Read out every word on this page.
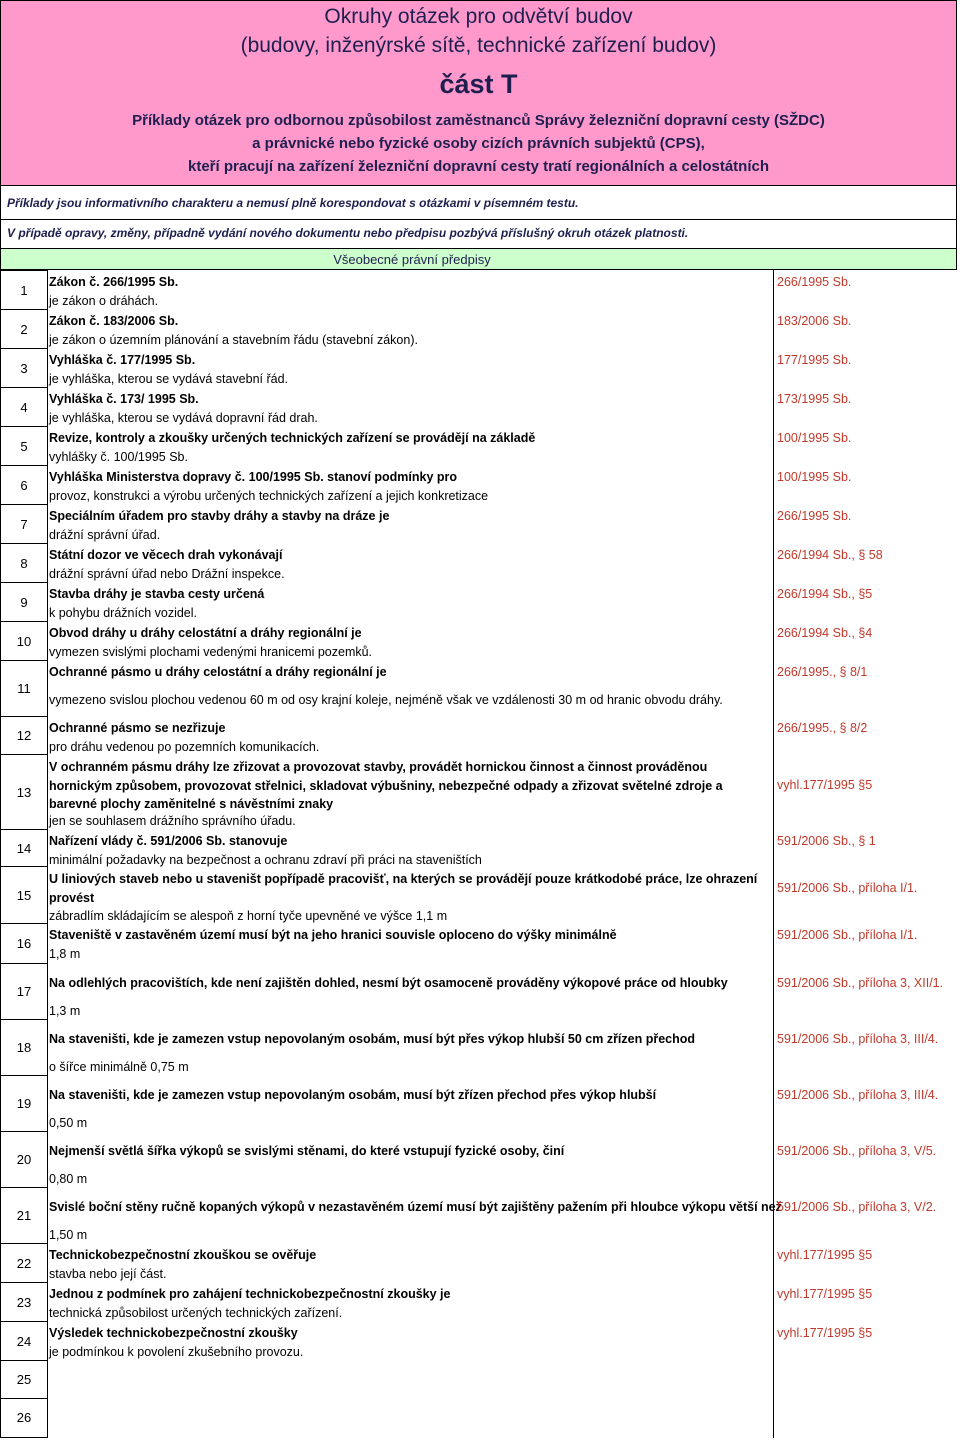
Okruhy otázek pro odvětví budov
(budovy, inženýrské sítě, technické zařízení budov)
část T
Příklady otázek pro odbornou způsobilost zaměstnanců Správy železniční dopravní cesty (SŽDC)
a právnické nebo fyzické osoby cizích právních subjektů (CPS),
kteří pracují na zařízení železniční dopravní cesty tratí regionálních a celostátních
Příklady jsou informativního charakteru a nemusí plně korespondovat s otázkami v písemném testu.
V případě opravy, změny, případně vydání nového dokumentu nebo předpisu pozbývá příslušný okruh otázek platnosti.
Všeobecné právní předpisy
1
Zákon č. 266/1995 Sb.
je zákon o dráhách.
266/1995 Sb.
2
Zákon č. 183/2006 Sb.
je zákon o územním plánování a stavebním řádu (stavební zákon).
183/2006 Sb.
3
Vyhláška č. 177/1995 Sb.
je vyhláška, kterou se vydává stavební řád.
177/1995 Sb.
4
Vyhláška č. 173/ 1995 Sb.
je vyhláška, kterou se vydává dopravní řád drah.
173/1995 Sb.
5
Revize, kontroly a zkoušky určených technických zařízení se provádějí na základě
vyhlášky č. 100/1995 Sb.
100/1995 Sb.
6
Vyhláška Ministerstva dopravy č. 100/1995 Sb. stanoví podmínky pro
provoz, konstrukci a výrobu určených technických zařízení a jejich konkretizace
100/1995 Sb.
7
Speciálním úřadem pro stavby dráhy a stavby na dráze je
drážní správní úřad.
266/1995 Sb.
8
Státní dozor ve věcech drah vykonávají
drážní správní úřad nebo Drážní inspekce.
266/1994 Sb., § 58
9
Stavba dráhy je stavba cesty určená
k pohybu drážních vozidel.
266/1994 Sb., §5
10
Obvod dráhy u dráhy celostátní a dráhy regionální je
vymezen svislými plochami vedenými hranicemi pozemků.
266/1994 Sb., §4
11
Ochranné pásmo u dráhy celostátní a dráhy regionální je
vymezeno svislou plochou vedenou 60 m od osy krajní koleje, nejméně však ve vzdálenosti 30 m od hranic obvodu dráhy.
266/1995., § 8/1
12	Ochranné pásmo se nezřizuje
pro dráhu vedenou po pozemních komunikacích.
266/1995., § 8/2
13
V ochranném pásmu dráhy lze zřizovat a provozovat stavby, provádět hornickou činnost a činnost prováděnou hornickým způsobem, provozovat střelnici, skladovat výbušniny, nebezpečné odpady a zřizovat světelné zdroje a barevné plochy zaměnitelné s návěstními znaky
jen se souhlasem drážního správního úřadu.
vyhl.177/1995 §5
14	Nařízení vlády č. 591/2006 Sb. stanovuje
minimální požadavky na bezpečnost a ochranu zdraví při práci na staveništích
591/2006 Sb., § 1
15
U liniových staveb nebo u staveništ popřípadě pracovišť, na kterých se provádějí pouze krátkodobé práce, lze ohrazení provést
zábradlím skládajícím se alespoň z horní tyče upevněné ve výšce 1,1 m
591/2006 Sb., příloha I/1.
16
Staveniště v zastavěném území musí být na jeho hranici souvisle oploceno do výšky minimálně
1,8 m
591/2006 Sb., příloha I/1.
17
Na odlehlých pracovištích, kde není zajištěn dohled, nesmí být osamoceně prováděny výkopové práce od hloubky
1,3 m
591/2006 Sb., příloha 3, XII/1.
18
Na staveništi, kde je zamezen vstup nepovolaným osobám, musí být přes výkop hlubší 50 cm zřízen přechod
o šířce minimálně 0,75 m
591/2006 Sb., příloha 3, III/4.
19
Na staveništi, kde je zamezen vstup nepovolaným osobám, musí být zřízen přechod přes výkop hlubší
0,50 m
591/2006 Sb., příloha 3, III/4.
20
Nejmenší světlá šířka výkopů se svislými stěnami, do které vstupují fyzické osoby, činí
0,80 m
591/2006 Sb., příloha 3, V/5.
21
Svislé boční stěny ručně kopaných výkopů v nezastavěném území musí být zajištěny pažením při hloubce výkopu větší než
1,50 m
591/2006 Sb., příloha 3, V/2.
22
Technickobezpečnostní zkouškou se ověřuje
stavba nebo její část.
vyhl.177/1995 §5
23
Jednou z podmínek pro zahájení technickobezpečnostní zkoušky je
technická způsobilost určených technických zařízení.
vyhl.177/1995 §5
24
Výsledek technickobezpečnostní zkoušky
je podmínkou k povolení zkušebního provozu.
vyhl.177/1995 §5
25
26
